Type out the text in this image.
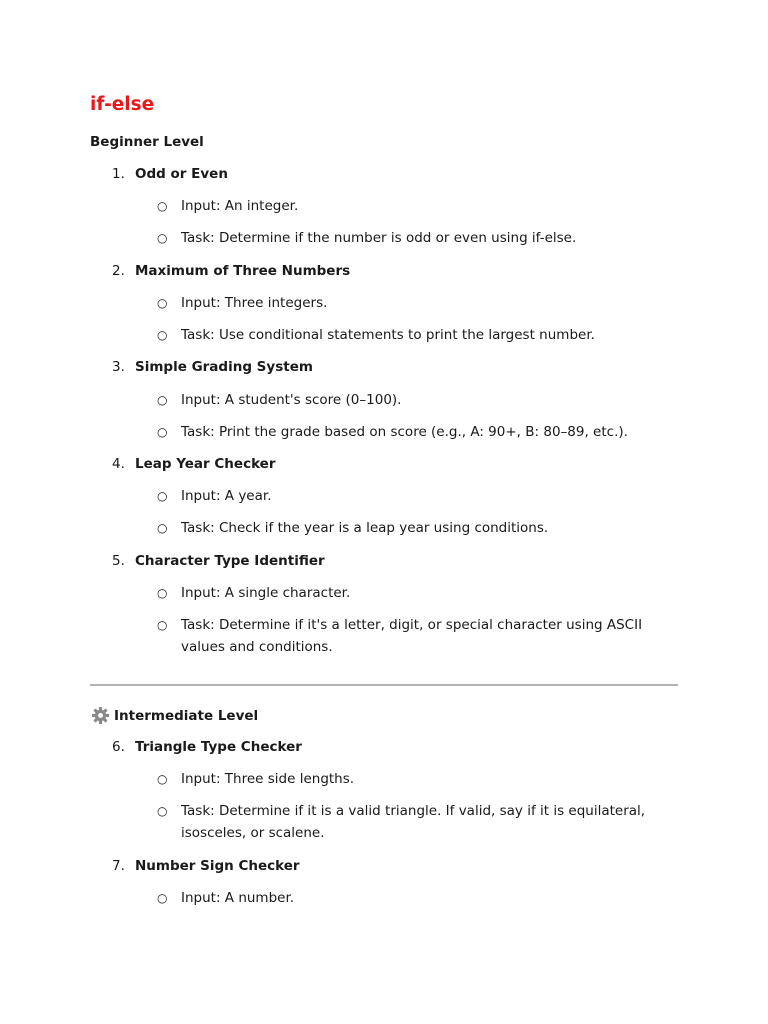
if-else
Beginner Level
1. Odd or Even
○	Input: An integer.
○	Task: Determine if the number is odd or even using if-else.
2. Maximum of Three Numbers
○	Input: Three integers.
○	Task: Use conditional statements to print the largest number.
3. Simple Grading System
○	Input: A student's score (0–100).
○	Task: Print the grade based on score (e.g., A: 90+, B: 80–89, etc.).
4. Leap Year Checker
○	Input: A year.
○	Task: Check if the year is a leap year using conditions.
5. Character Type Identifier
○	Input: A single character.
○	Task: Determine if it's a letter, digit, or special character using ASCII values and conditions.
Intermediate Level
6. Triangle Type Checker
○	Input: Three side lengths.
○	Task: Determine if it is a valid triangle. If valid, say if it is equilateral, isosceles, or scalene.
7. Number Sign Checker
○	Input: A number.
